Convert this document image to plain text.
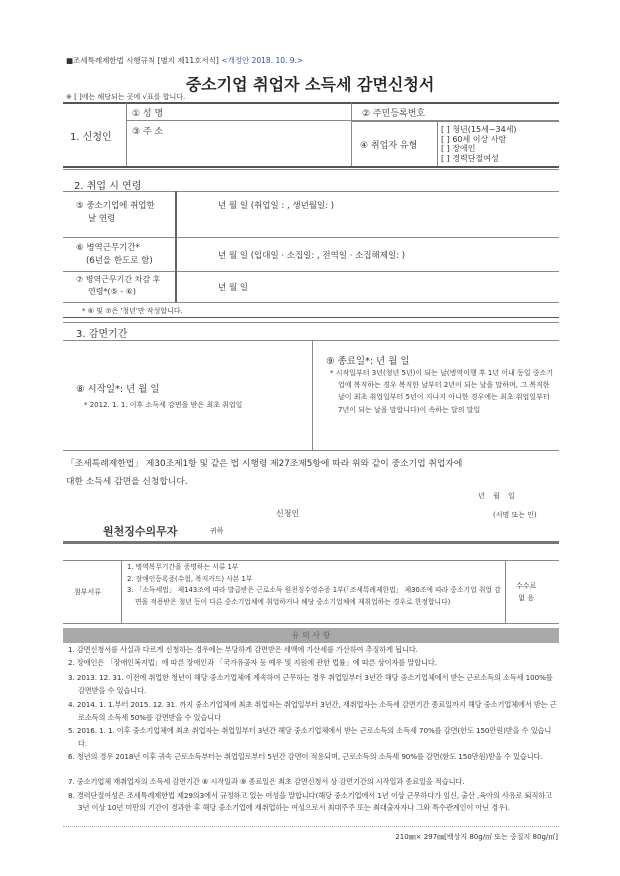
■조세특례제한법 시행규칙 [별지 제11호서식] <개정안 2018. 10. 9.>
중소기업 취업자 소득세 감면신청서
※ [ ]에는 해당되는 곳에 √표를 합니다.
1. 신청인
① 성 명	② 주민등록번호
③ 주 소
④ 취업자 유형
[ ] 청년(15세~34세)
[ ] 60세 이상 사람
[ ] 장애인
[ ] 경력단절여성
2. 취업 시 연령
⑤ 중소기업에 취업한
날 연령
년 월 일 (취업일 : , 생년월일: )
⑥ 병역근무기간*
(6년을 한도로 함)	년 월 일 (입대일 · 소집일: , 전역일 · 소집해제일: )
⑦ 병역근무기간 차감 후
연령*(⑤ - ⑥)	년 월 일
* ⑥ 및 ⑦은 '청년'만 작성합니다.
3. 감면기간
⑧ 시작일*: 년 월 일
* 2012. 1. 1. 이후 소득세 감면을 받은 최초 취업일
⑨ 종료일*: 년 월 일
* 시작일부터 3년(청년 5년)이 되는 날(병역이행 후 1년 이내 동일 중소기업에 복직하는 경우 복직한 날부터 2년이 되는 날을 말하며, 그 복직한 날이 최초 취업일부터 5년이 지나지 아니한 경우에는 최초 취업일부터 7년이 되는 날을 말합니다)이 속하는 달의 말일
「조세특례제한법」 제30조제1항 및 같은 법 시행령 제27조제5항에 따라 위와 같이 중소기업 취업자에
대한 소득세 감면을 신청합니다.
년 월 일
신청인	(서명 또는 인)
원천징수의무자	귀하
첨부서류
1. 병역복무기간을 증명하는 서류 1부
2. 장애인등록증(수첩, 복지카드) 사본 1부
3. 「소득세법」 제143조에 따라 발급받은 근로소득 원천징수영수증 1부(「조세특례제한법」 제30조에 따라 중소기업 취업 감면을 적용받은 청년 등이 다른 중소기업체에 취업하거나 해당 중소기업체에 재취업하는 경우로 한정합니다)
수수료
없 음
유 의 사 항
1. 감면신청서를 사실과 다르게 신청하는 경우에는 부당하게 감면받은 세액에 가산세를 가산하여 추징하게 됩니다.
2. 장애인은 「장애인복지법」에 따른 장애인과 「국가유공자 등 예우 및 지원에 관한 법률」에 따른 상이자를 말합니다.
3. 2013. 12. 31. 이전에 취업한 청년이 해당 중소기업체에 계속하여 근무하는 경우 취업일부터 3년간 해당 중소기업체에서 받는 근로소득의 소득세 100%를 감면받을 수 있습니다.
4. 2014. 1. 1.부터 2015. 12. 31. 까지 중소기업체에 최초 취업자는 취업일부터 3년간, 재취업자는 소득세 감면기간 종료일까지 해당 중소기업체에서 받는 근로소득의 소득세 50%를 감면받을 수 있습니다
5. 2016. 1. 1. 이후 중소기업체에 최초 취업자는 취업일부터 3년간 해당 중소기업체에서 받는 근로소득의 소득세 70%를 감면(한도 150만원)받을 수 있습니다.
6. 청년의 경우 2018년 이후 귀속 근로소득부터는 취업일로부터 5년간 감면이 적용되며, 근로소득의 소득세 90%를 감면(한도 150만원)받을 수 있습니다.
7. 중소기업체 재취업자의 소득세 감면기간 ⑧ 시작일과 ⑨ 종료일은 최초 감면신청서 상 감면기간의 시작일과 종료일을 적습니다.
8. 경력단절여성은 조세특례제한법 제29의3에서 규정하고 있는 여성을 말합니다(해당 중소기업에서 1년 이상 근무하다가 임신, 출산 ,육아의 사유로 퇴직하고 3년 이상 10년 미만의 기간이 경과한 후 해당 중소기업에 재취업하는 여성으로서 최대주주 또는 최대출자자나 그와 특수관계인이 아닌 경우).
210㎜× 297㎜[백상지 80g/㎡ 또는 중질지 80g/㎡]
